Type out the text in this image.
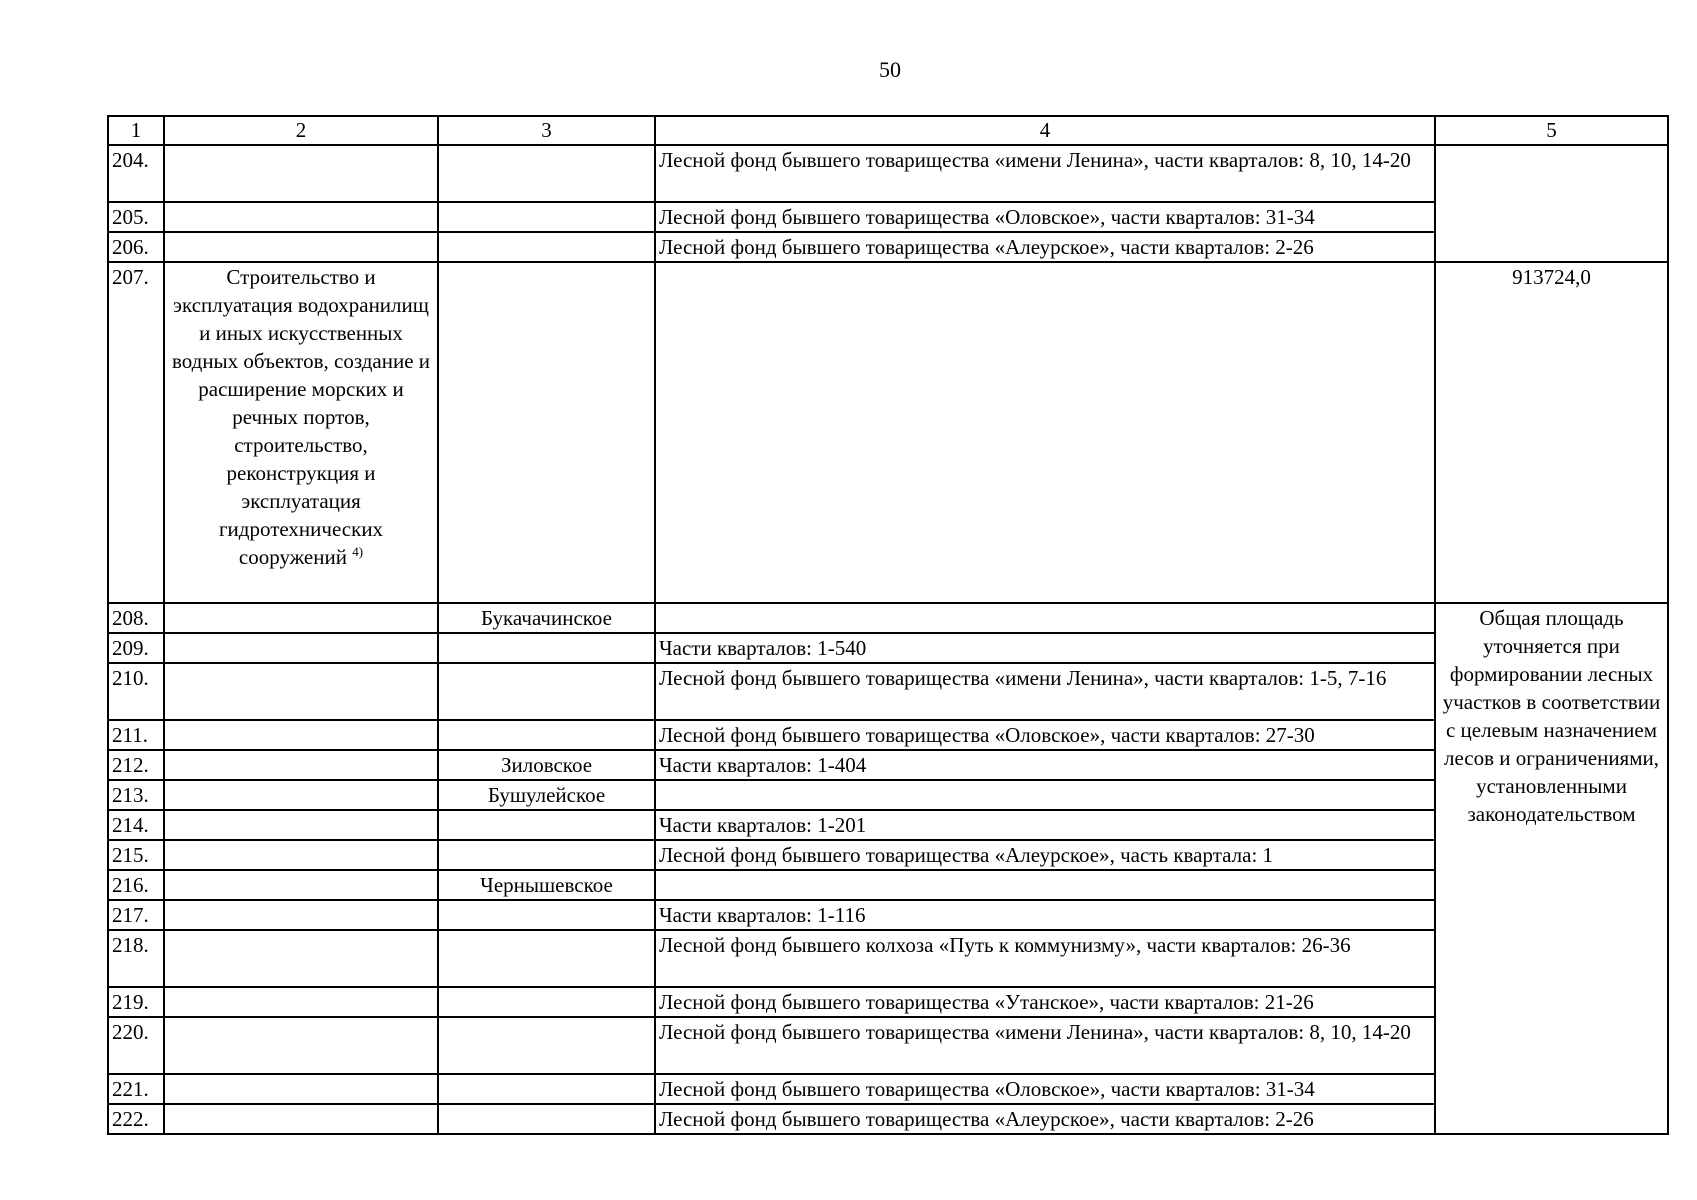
50
1	2	3	4	5
204.			Лесной фонд бывшего товарищества «имени Ленина», части кварталов: 8, 10, 14-20	
205.			Лесной фонд бывшего товарищества «Оловское», части кварталов: 31-34	
206.			Лесной фонд бывшего товарищества «Алеурское», части кварталов: 2-26	
207.	Строительство и эксплуатация водохранилищ и иных искусственных водных объектов, создание и расширение морских и речных портов, строительство, реконструкция и эксплуатация гидротехнических сооружений $^{4)}$			913724,0
208.		Букачачинское		Общая площадь уточняется при формировании лесных участков в соответствии с целевым назначением лесов и ограничениями, установленными законодательством
209.			Части кварталов: 1-540	
210.			Лесной фонд бывшего товарищества «имени Ленина», части кварталов: 1-5, 7-16	
211.			Лесной фонд бывшего товарищества «Оловское», части кварталов: 27-30	
212.		Зиловское	Части кварталов: 1-404	
213.		Бушулейское		
214.			Части кварталов: 1-201	
215.			Лесной фонд бывшего товарищества «Алеурское», часть квартала: 1	
216.		Чернышевское		
217.			Части кварталов: 1-116	
218.			Лесной фонд бывшего колхоза «Путь к коммунизму», части кварталов: 26-36	
219.			Лесной фонд бывшего товарищества «Утанское», части кварталов: 21-26	
220.			Лесной фонд бывшего товарищества «имени Ленина», части кварталов: 8, 10, 14-20	
221.			Лесной фонд бывшего товарищества «Оловское», части кварталов: 31-34	
222.			Лесной фонд бывшего товарищества «Алеурское», части кварталов: 2-26	
